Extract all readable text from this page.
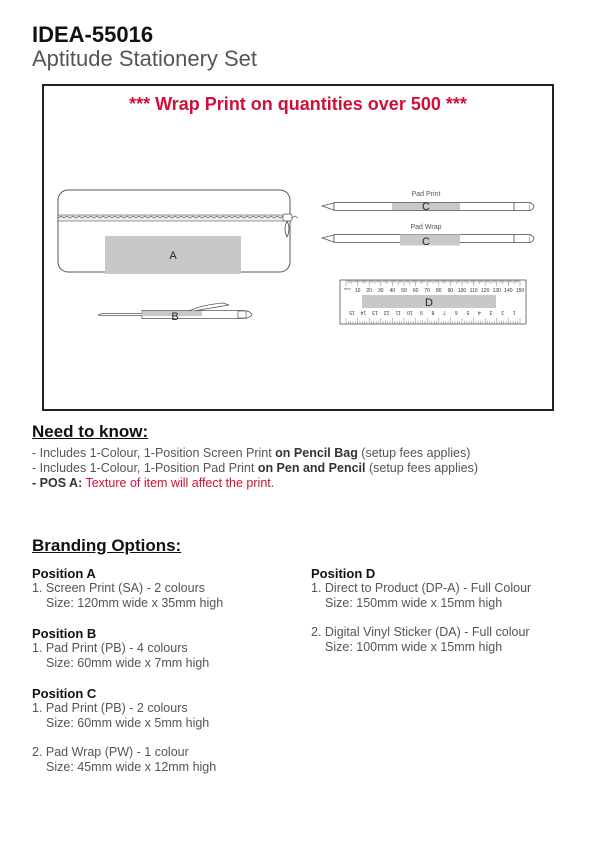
IDEA-55016
Aptitude Stationery Set
*** Wrap Print on quantities over 500 ***
A
B
Pad Print
C
Pad Wrap
C
10 20 30 40 50 60 70 80 90 100 110 120 130 140 150
15 14 13 12 11 10 9 8 7 6 5 4 3 2 1
mm
D
Need to know:
- Includes 1-Colour, 1-Position Screen Print on Pencil Bag (setup fees applies)
- Includes 1-Colour, 1-Position Pad Print on Pen and Pencil (setup fees applies)
- POS A: Texture of item will affect the print.
Branding Options:
Position A
1. Screen Print (SA) - 2 colours
Size: 120mm wide x 35mm high
Position B
1. Pad Print (PB) - 4 colours
Size: 60mm wide x 7mm high
Position C
1. Pad Print (PB) - 2 colours
Size: 60mm wide x 5mm high
2. Pad Wrap (PW) - 1 colour
Size: 45mm wide x 12mm high
Position D
1. Direct to Product (DP-A) - Full Colour
Size: 150mm wide x 15mm high
2. Digital Vinyl Sticker (DA) - Full colour
Size: 100mm wide x 15mm high
